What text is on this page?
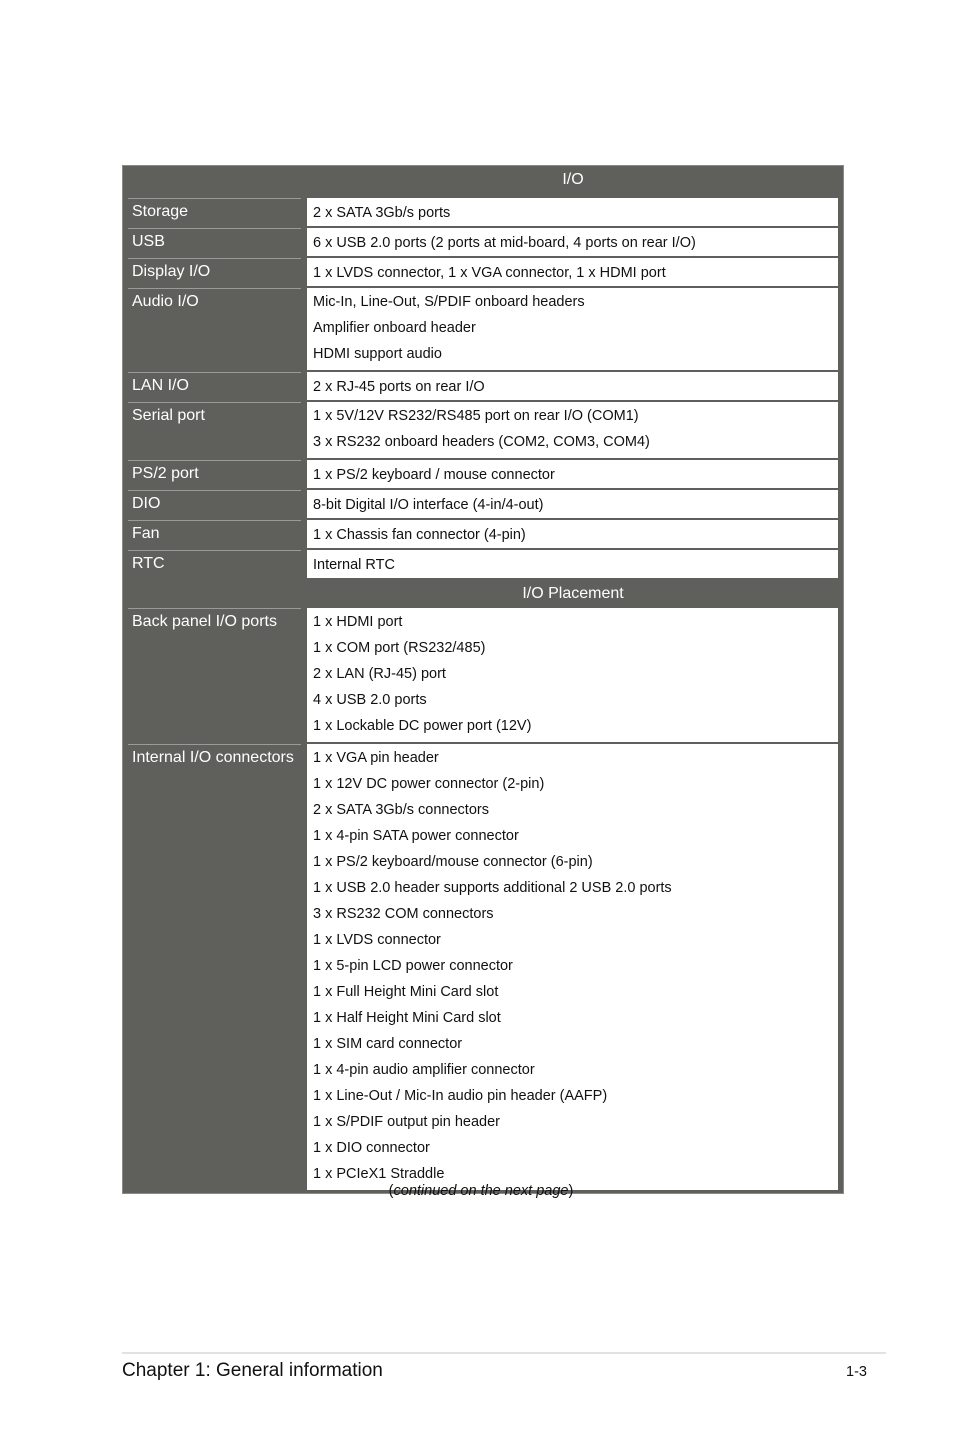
I/O
Storage	2 x SATA 3Gb/s ports
USB	6 x USB 2.0 ports (2 ports at mid-board, 4 ports on rear I/O)
Display I/O	1 x LVDS connector, 1 x VGA connector, 1 x HDMI port
Audio I/O	Mic-In, Line-Out, S/PDIF onboard headers
Amplifier onboard header
HDMI support audio
LAN I/O	2 x RJ-45 ports on rear I/O
Serial port	1 x 5V/12V RS232/RS485 port on rear I/O (COM1)
3 x RS232 onboard headers (COM2, COM3, COM4)
PS/2 port	1 x PS/2 keyboard / mouse connector
DIO	8-bit Digital I/O interface (4-in/4-out)
Fan	1 x Chassis fan connector (4-pin)
RTC	Internal RTC
I/O Placement
Back panel I/O ports	1 x HDMI port
1 x COM port (RS232/485)
2 x LAN (RJ-45) port
4 x USB 2.0 ports
1 x Lockable DC power port (12V)
Internal I/O connectors	1 x VGA pin header
1 x 12V DC power connector (2-pin)
2 x SATA 3Gb/s connectors
1 x 4-pin SATA power connector
1 x PS/2 keyboard/mouse connector (6-pin)
1 x USB 2.0 header supports additional 2 USB 2.0 ports
3 x RS232 COM connectors
1 x LVDS connector
1 x 5-pin LCD power connector
1 x Full Height Mini Card slot
1 x Half Height Mini Card slot
1 x SIM card connector
1 x 4-pin audio amplifier connector
1 x Line-Out / Mic-In audio pin header (AAFP)
1 x S/PDIF output pin header
1 x DIO connector
1 x PCIeX1 Straddle
(continued on the next page)
Chapter 1: General information	1-3
